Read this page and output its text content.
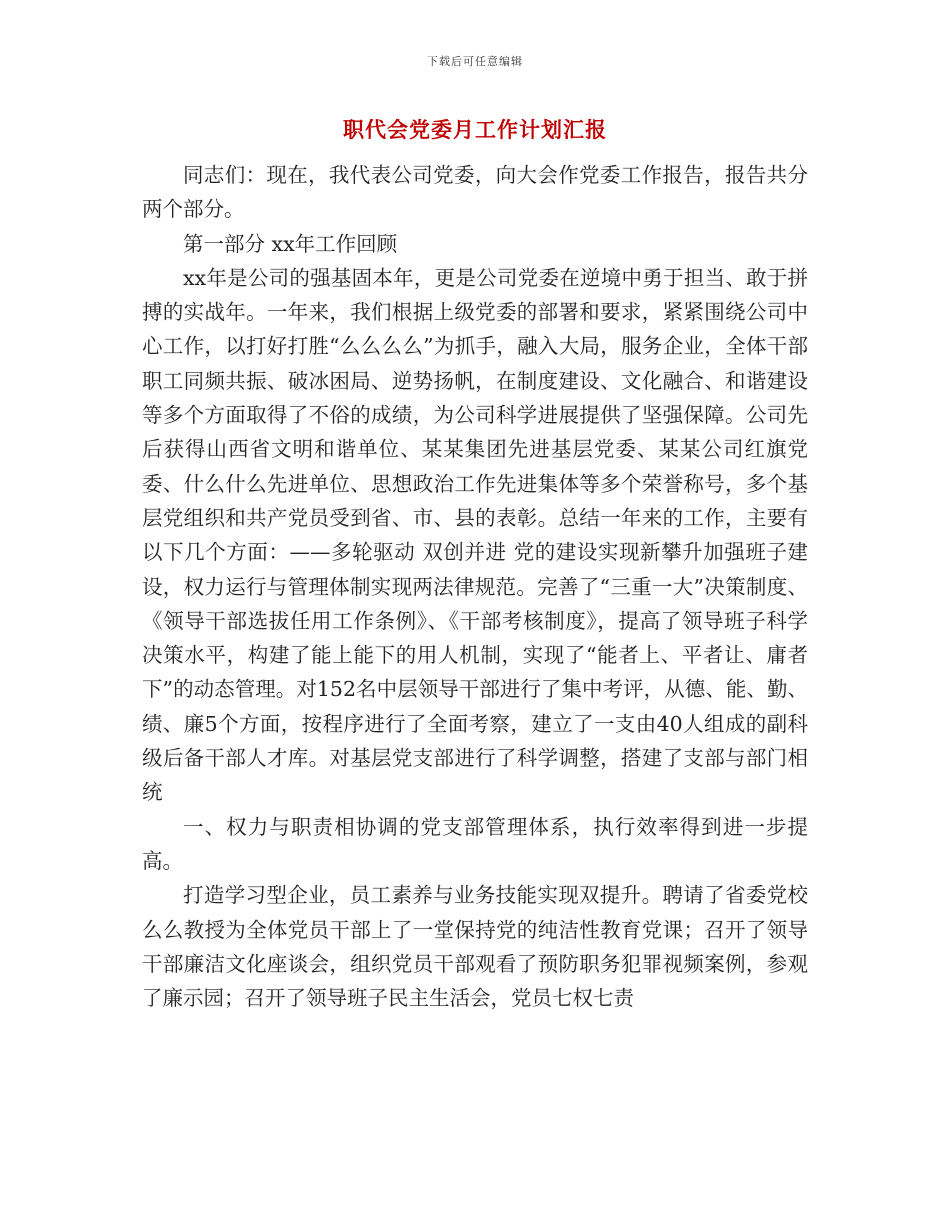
下载后可任意编辑
职代会党委月工作计划汇报

同志们：现在，我代表公司党委，向大会作党委工作报告，报告共分两个部分。

第一部分 xx年工作回顾

xx年是公司的强基固本年，更是公司党委在逆境中勇于担当、敢于拼搏的实战年。一年来，我们根据上级党委的部署和要求，紧紧围绕公司中心工作，以打好打胜“么么么么”为抓手，融入大局，服务企业，全体干部职工同频共振、破冰困局、逆势扬帆，在制度建设、文化融合、和谐建设等多个方面取得了不俗的成绩，为公司科学进展提供了坚强保障。公司先后获得山西省文明和谐单位、某某集团先进基层党委、某某公司红旗党委、什么什么先进单位、思想政治工作先进集体等多个荣誉称号，多个基层党组织和共产党员受到省、市、县的表彰。总结一年来的工作，主要有以下几个方面：——多轮驱动 双创并进 党的建设实现新攀升加强班子建设，权力运行与管理体制实现两法律规范。完善了“三重一大”决策制度、《领导干部选拔任用工作条例》、《干部考核制度》，提高了领导班子科学决策水平，构建了能上能下的用人机制，实现了“能者上、平者让、庸者下”的动态管理。对152名中层领导干部进行了集中考评，从德、能、勤、绩、廉5个方面，按程序进行了全面考察，建立了一支由40人组成的副科级后备干部人才库。对基层党支部进行了科学调整，搭建了支部与部门相统

一、权力与职责相协调的党支部管理体系，执行效率得到进一步提高。

打造学习型企业，员工素养与业务技能实现双提升。聘请了省委党校么么教授为全体党员干部上了一堂保持党的纯洁性教育党课；召开了领导干部廉洁文化座谈会，组织党员干部观看了预防职务犯罪视频案例，参观了廉示园；召开了领导班子民主生活会，党员七权七责
